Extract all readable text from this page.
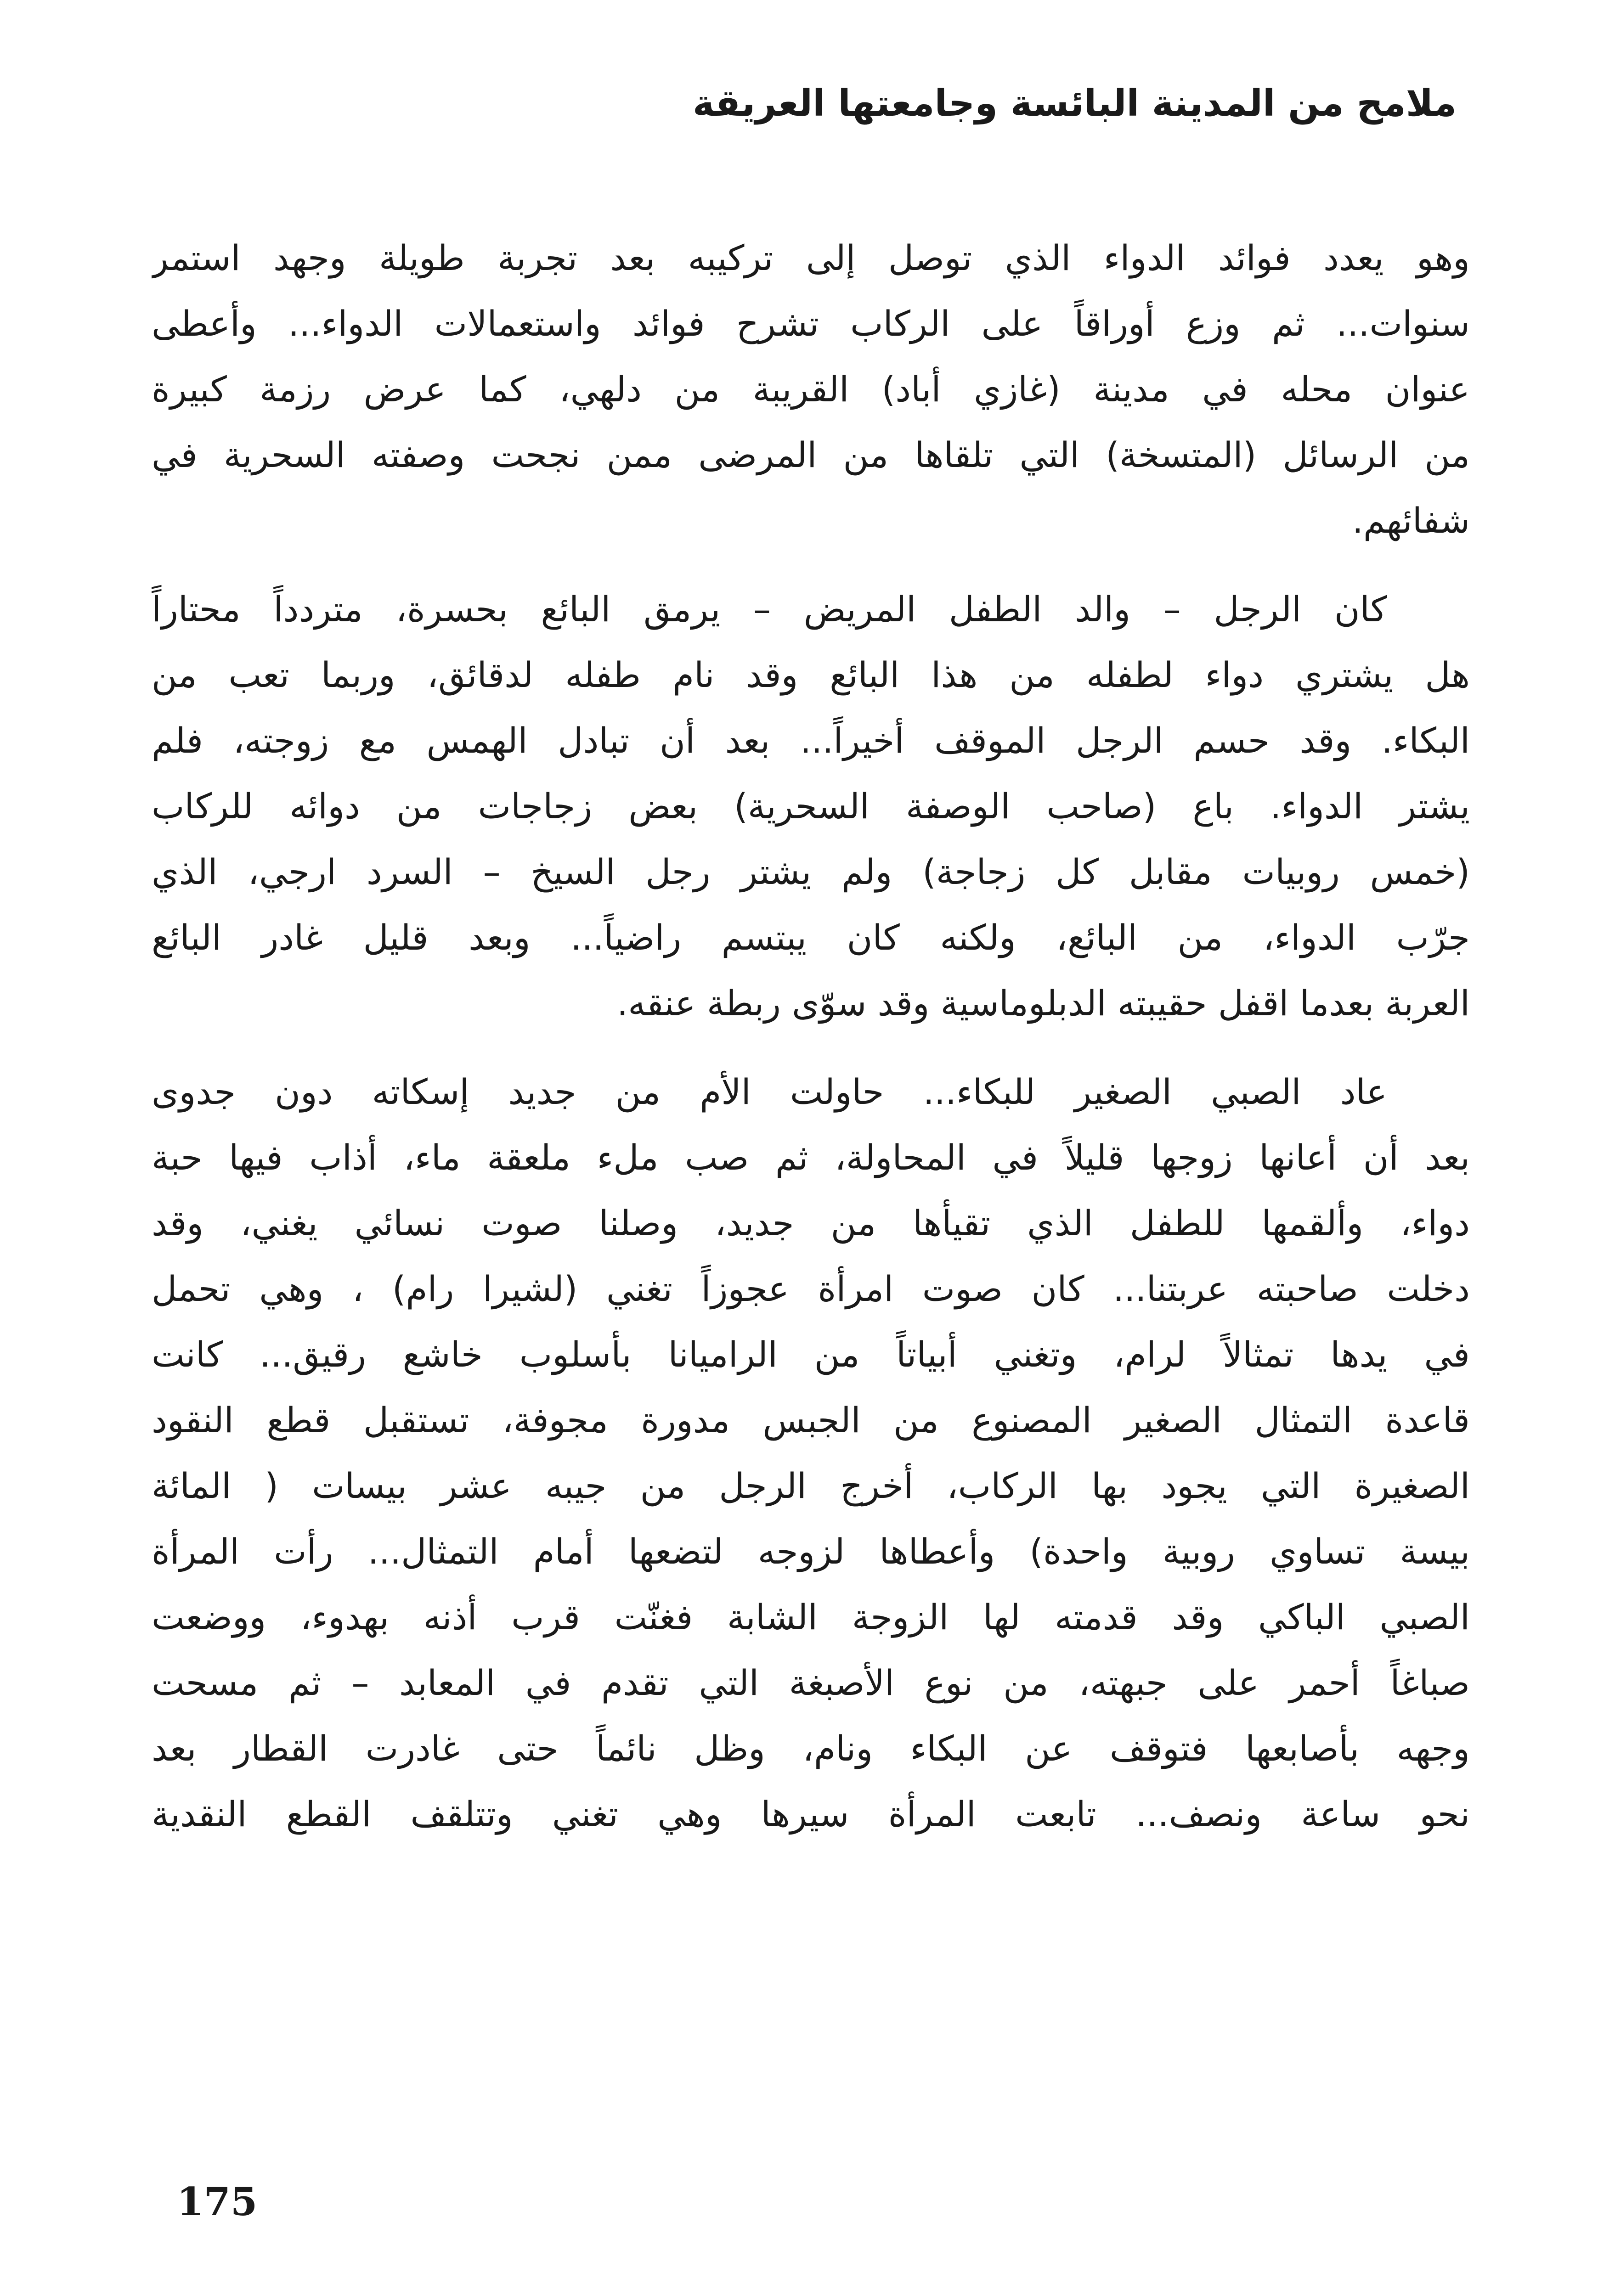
ملامح من المدينة البائسة وجامعتها العريقة

وهو يعدد فوائد الدواء الذي توصل إلى تركيبه بعد تجربة طويلة وجهد استمر
سنوات... ثم وزع أوراقاً على الركاب تشرح فوائد واستعمالات الدواء... وأعطى
عنوان محله في مدينة (غازي أباد) القريبة من دلهي، كما عرض رزمة كبيرة
من الرسائل (المتسخة) التي تلقاها من المرضى ممن نجحت وصفته السحرية في
شفائهم.

كان الرجل – والد الطفل المريض – يرمق البائع بحسرة، متردداً محتاراً
هل يشتري دواء لطفله من هذا البائع وقد نام طفله لدقائق، وربما تعب من
البكاء. وقد حسم الرجل الموقف أخيراً... بعد أن تبادل الهمس مع زوجته، فلم
يشتر الدواء. باع (صاحب الوصفة السحرية) بعض زجاجات من دوائه للركاب
(خمس روبيات مقابل كل زجاجة) ولم يشتر رجل السيخ – السرد ارجي، الذي
جرّب الدواء، من البائع، ولكنه كان يبتسم راضياً... وبعد قليل غادر البائع
العربة بعدما اقفل حقيبته الدبلوماسية وقد سوّى ربطة عنقه.

عاد الصبي الصغير للبكاء... حاولت الأم من جديد إسكاته دون جدوى
بعد أن أعانها زوجها قليلاً في المحاولة، ثم صب ملء ملعقة ماء، أذاب فيها حبة
دواء، وألقمها للطفل الذي تقيأها من جديد، وصلنا صوت نسائي يغني، وقد
دخلت صاحبته عربتنا... كان صوت امرأة عجوزاً تغني (لشيرا رام) ، وهي تحمل
في يدها تمثالاً لرام، وتغني أبياتاً من الراميانا بأسلوب خاشع رقيق... كانت
قاعدة التمثال الصغير المصنوع من الجبس مدورة مجوفة، تستقبل قطع النقود
الصغيرة التي يجود بها الركاب، أخرج الرجل من جيبه عشر بيسات ( المائة
بيسة تساوي روبية واحدة) وأعطاها لزوجه لتضعها أمام التمثال... رأت المرأة
الصبي الباكي وقد قدمته لها الزوجة الشابة فغنّت قرب أذنه بهدوء، ووضعت
صباغاً أحمر على جبهته، من نوع الأصبغة التي تقدم في المعابد – ثم مسحت
وجهه بأصابعها فتوقف عن البكاء ونام، وظل نائماً حتى غادرت القطار بعد
نحو ساعة ونصف... تابعت المرأة سيرها وهي تغني وتتلقف القطع النقدية

175
